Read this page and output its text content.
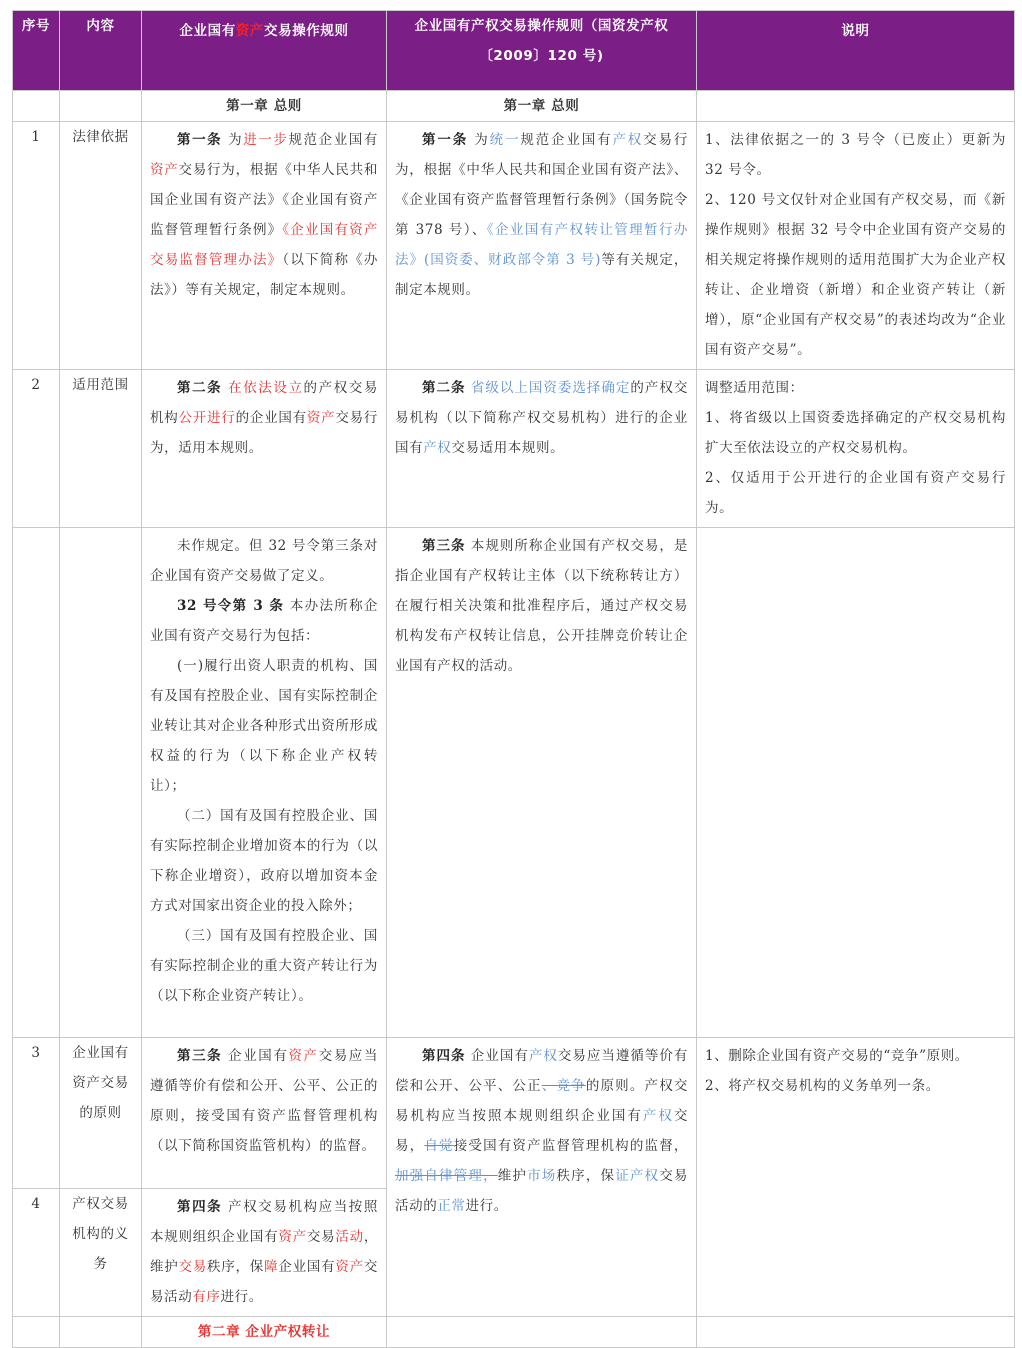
序号	内容	企业国有资产交易操作规则	企业国有产权交易操作规则（国资发产权
〔2009〕120 号)	说明
		第一章 总则	第一章 总则	
1	法律依据	第一条 为进一步规范企业国有资产交易行为，根据《中华人民共和国企业国有资产法》《企业国有资产监督管理暂行条例》《企业国有资产交易监督管理办法》（以下简称《办法》）等有关规定，制定本规则。	第一条 为统一规范企业国有产权交易行为，根据《中华人民共和国企业国有资产法》、《企业国有资产监督管理暂行条例》（国务院令第 378 号）、《企业国有产权转让管理暂行办法》(国资委、财政部令第 3 号)等有关规定，制定本规则。	1、法律依据之一的 3 号令（已废止）更新为 32 号令。
2、120 号文仅针对企业国有产权交易，而《新操作规则》根据 32 号令中企业国有资产交易的相关规定将操作规则的适用范围扩大为企业产权转让、企业增资（新增）和企业资产转让（新增），原“企业国有产权交易”的表述均改为“企业国有资产交易”。

2	适用范围	第二条 在依法设立的产权交易机构公开进行的企业国有资产交易行为，适用本规则。	第二条 省级以上国资委选择确定的产权交易机构（以下简称产权交易机构）进行的企业国有产权交易适用本规则。	调整适用范围：
1、将省级以上国资委选择确定的产权交易机构扩大至依法设立的产权交易机构。
2、仅适用于公开进行的企业国有资产交易行为。

		未作规定。但 32 号令第三条对企业国有资产交易做了定义。
32 号令第 3 条 本办法所称企业国有资产交易行为包括：
(一)履行出资人职责的机构、国有及国有控股企业、国有实际控制企业转让其对企业各种形式出资所形成权益的行为（以下称企业产权转让）；
（二）国有及国有控股企业、国有实际控制企业增加资本的行为（以下称企业增资），政府以增加资本金方式对国家出资企业的投入除外；
（三）国有及国有控股企业、国有实际控制企业的重大资产转让行为（以下称企业资产转让）。	第三条 本规则所称企业国有产权交易，是指企业国有产权转让主体（以下统称转让方）在履行相关决策和批准程序后，通过产权交易机构发布产权转让信息，公开挂牌竞价转让企业国有产权的活动。	

3	企业国有资产交易的原则	第三条 企业国有资产交易应当遵循等价有偿和公开、公平、公正的原则，接受国有资产监督管理机构（以下简称国资监管机构）的监督。	第四条 企业国有产权交易应当遵循等价有偿和公开、公平、公正、竞争的原则。产权交易机构应当按照本规则组织企业国有产权交易，自觉接受国有资产监督管理机构的监督，加强自律管理，维护市场秩序，保证产权交易活动的正常进行。	1、删除企业国有资产交易的“竞争”原则。
2、将产权交易机构的义务单列一条。

4	产权交易机构的义务	第四条 产权交易机构应当按照本规则组织企业国有资产交易活动，维护交易秩序，保障企业国有资产交易活动有序进行。		

		第二章 企业产权转让		
